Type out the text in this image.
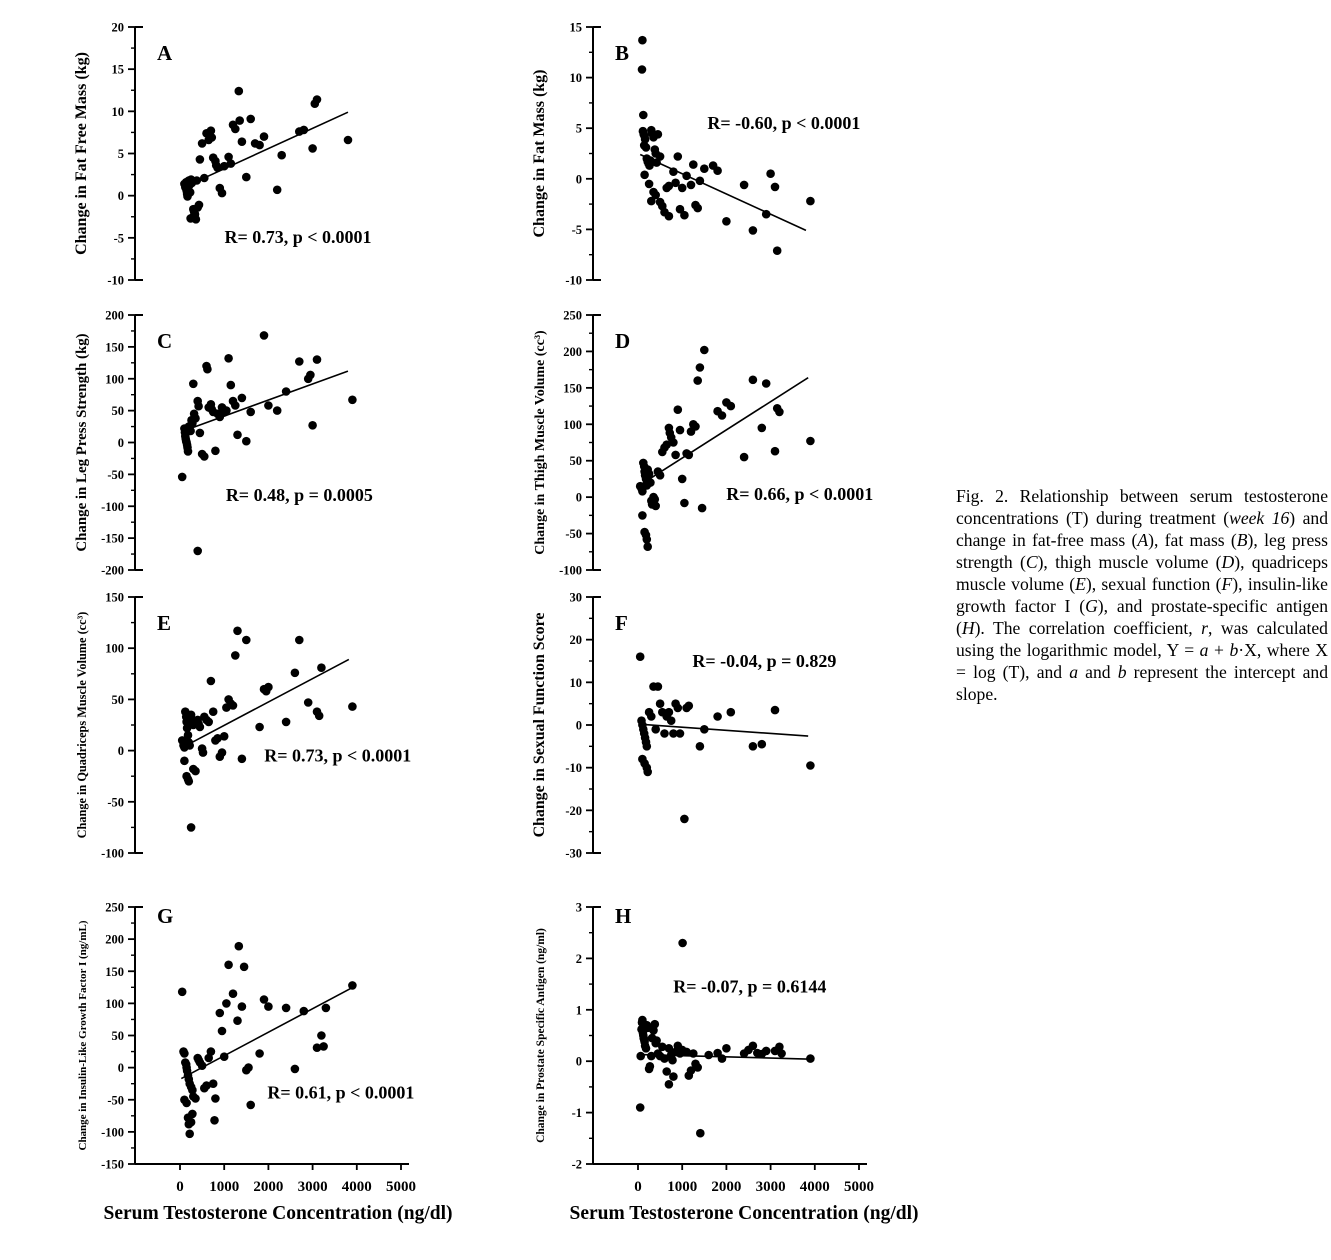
20
15
10
5
0
-5
-10
A
R= 0.73, p < 0.0001
Change in Fat Free Mass (kg)
15
10
5
0
-5
-10
B
R= -0.60, p < 0.0001
Change in Fat Mass (kg)
200
150
100
50
0
-50
-100
-150
-200
C
R= 0.48, p = 0.0005
Change in Leg Press Strength (kg)
250
200
150
100
50
0
-50
-100
D
R= 0.66, p < 0.0001
Change in Thigh Muscle Volume (cc³)
150
100
50
0
-50
-100
E
R= 0.73, p < 0.0001
Change in Quadriceps Muscle Volume (cc³)
30
20
10
0
-10
-20
-30
F
R= -0.04, p = 0.829
Change in Sexual Function Score
250
200
150
100
50
0
-50
-100
-150
0 1000 2000 3000 4000 5000
G
R= 0.61, p < 0.0001
Change in Insulin-Like Growth Factor I (ng/mL)
3
2
1
0
-1
-2
0 1000 2000 3000 4000 5000
H
R= -0.07, p = 0.6144
Change in Prostate Specific Antigen (ng/ml)
Serum Testosterone Concentration (ng/dl)	Serum Testosterone Concentration (ng/dl)
Fig. 2. Relationship between serum testosterone concentrations (T) during treatment (week 16) and change in fat-free mass (A), fat mass (B), leg press strength (C), thigh muscle volume (D), quadriceps muscle volume (E), sexual function (F), insulin-like growth factor I (G), and prostate-specific antigen (H). The correlation coefficient, r, was calculated using the logarithmic model, Y = a + b·X, where X = log (T), and a and b represent the intercept and slope.
